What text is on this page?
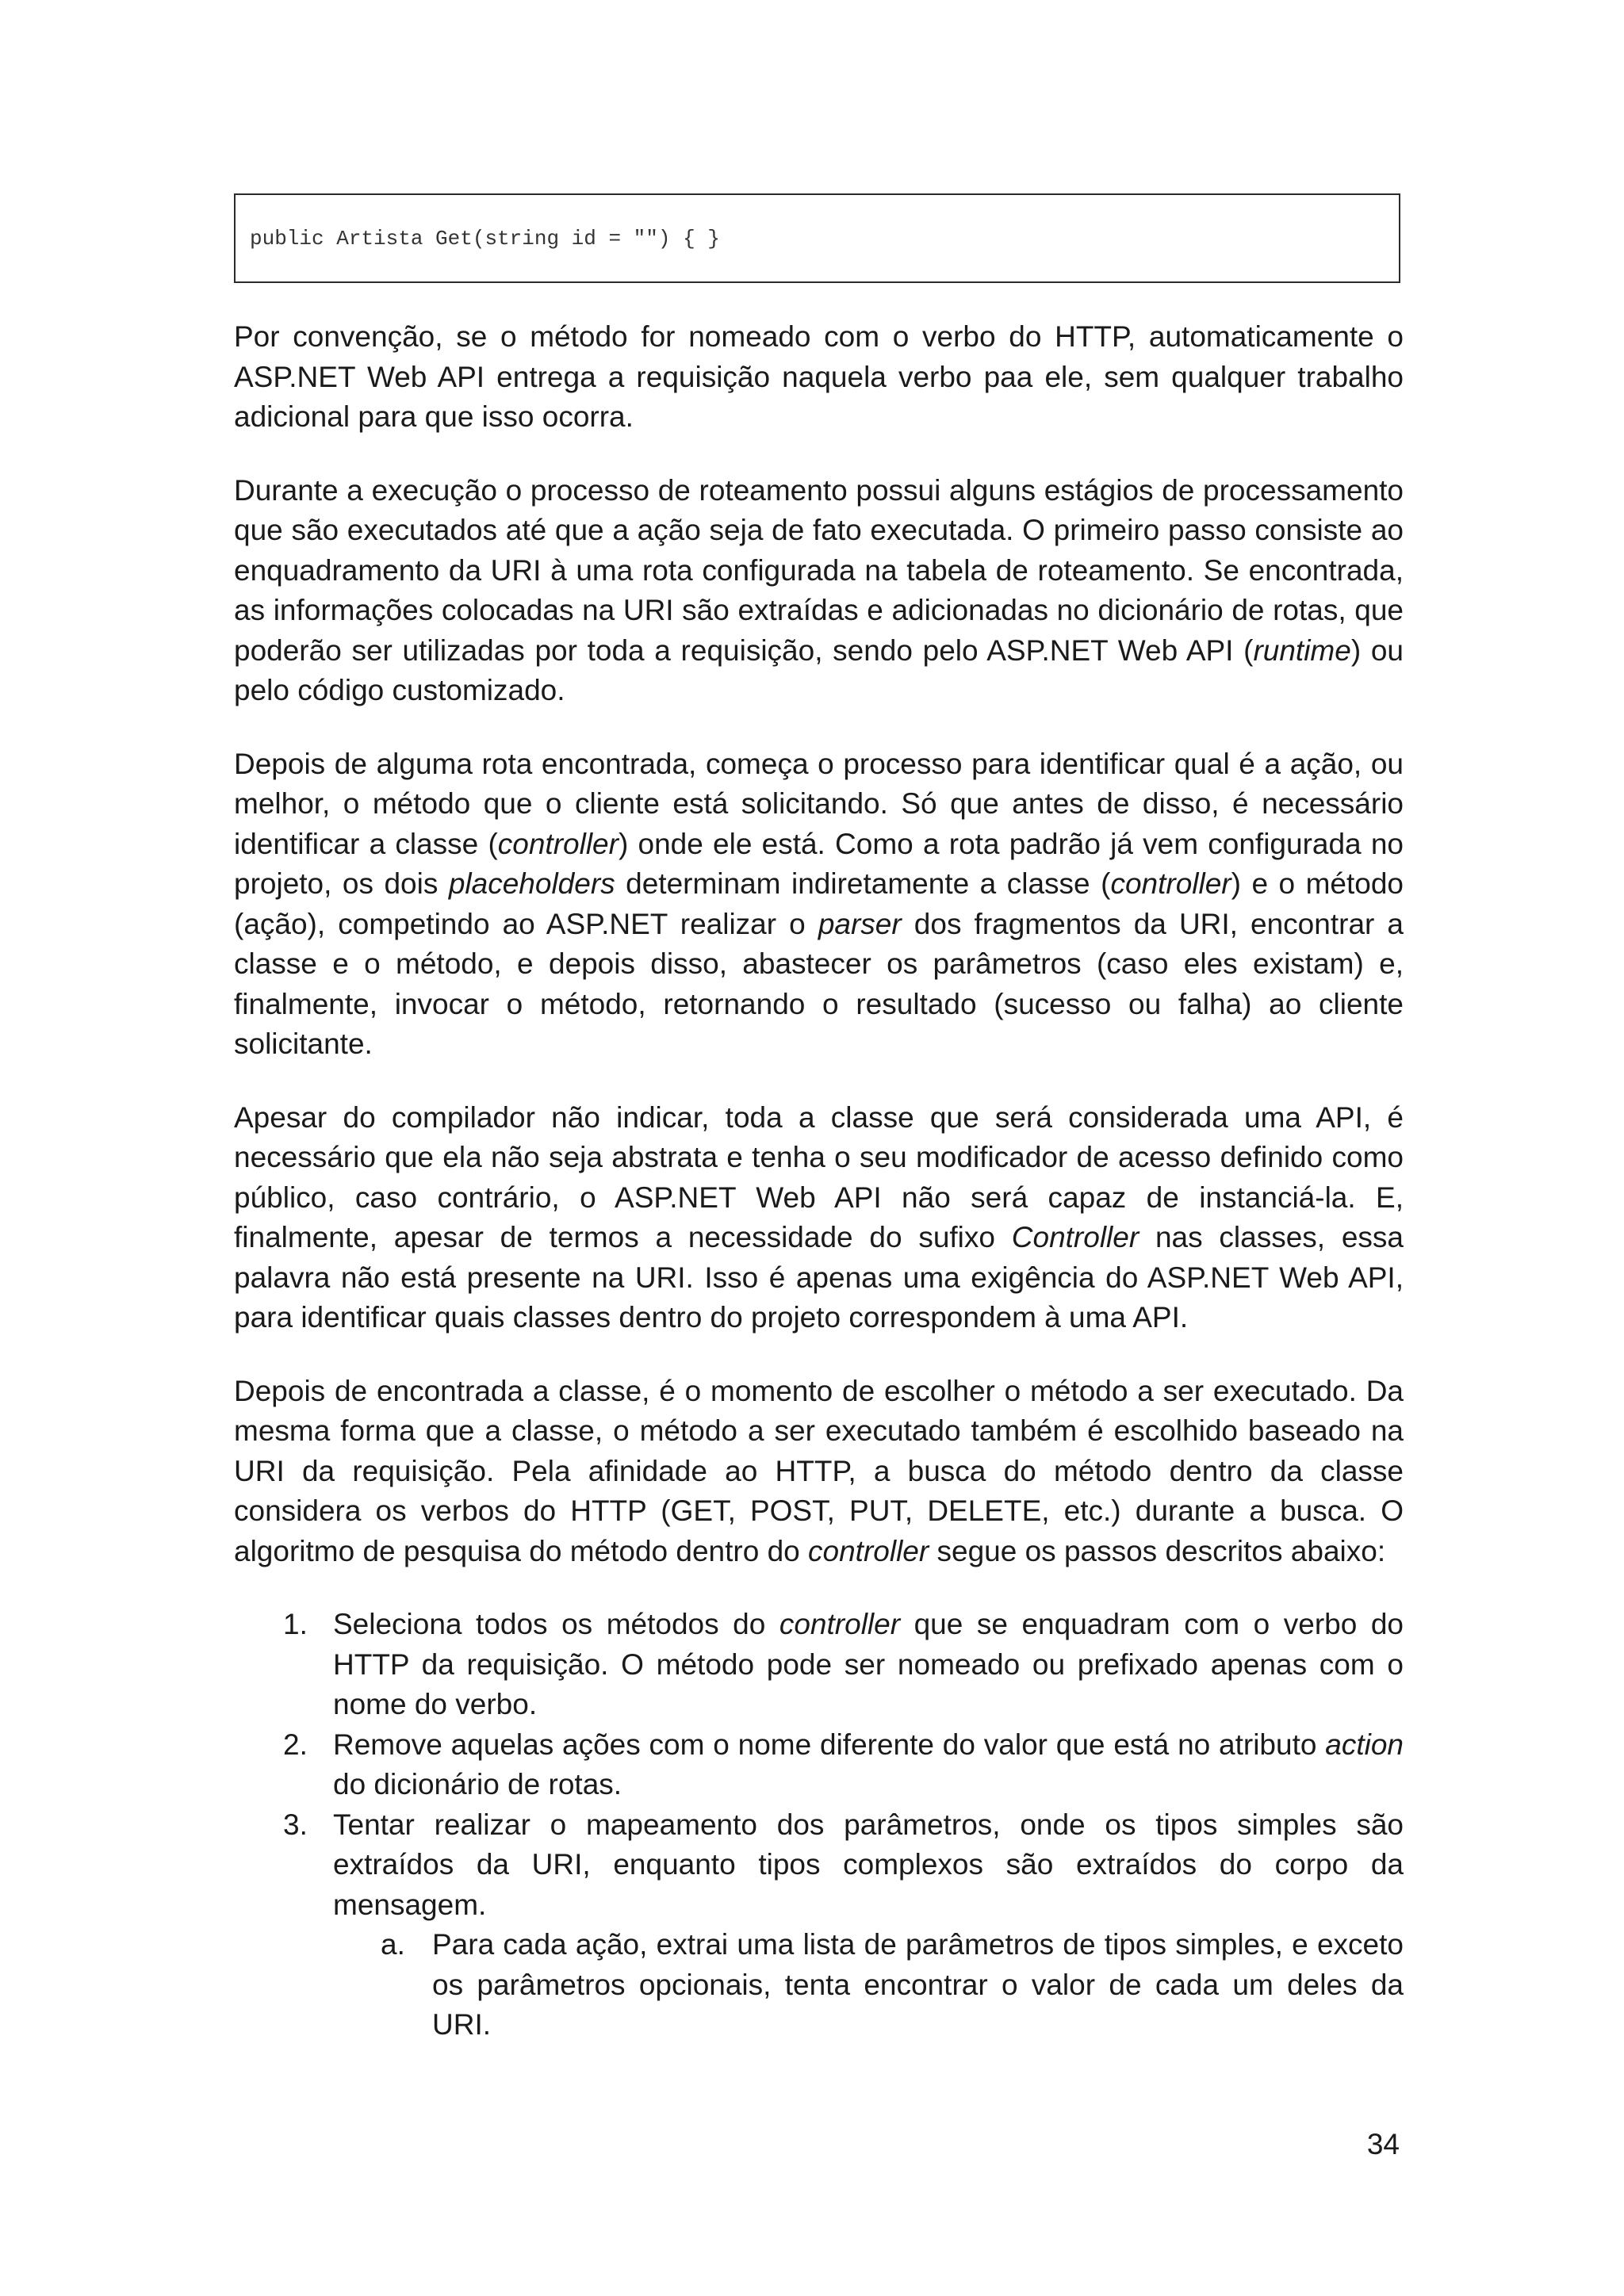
public Artista Get(string id = "") { }

Por convenção, se o método for nomeado com o verbo do HTTP, automaticamente o ASP.NET Web API entrega a requisição naquela verbo paa ele, sem qualquer trabalho adicional para que isso ocorra.

Durante a execução o processo de roteamento possui alguns estágios de processamento que são executados até que a ação seja de fato executada. O primeiro passo consiste ao enquadramento da URI à uma rota configurada na tabela de roteamento. Se encontrada, as informações colocadas na URI são extraídas e adicionadas no dicionário de rotas, que poderão ser utilizadas por toda a requisição, sendo pelo ASP.NET Web API (runtime) ou pelo código customizado.

Depois de alguma rota encontrada, começa o processo para identificar qual é a ação, ou melhor, o método que o cliente está solicitando. Só que antes de disso, é necessário identificar a classe (controller) onde ele está. Como a rota padrão já vem configurada no projeto, os dois placeholders determinam indiretamente a classe (controller) e o método (ação), competindo ao ASP.NET realizar o parser dos fragmentos da URI, encontrar a classe e o método, e depois disso, abastecer os parâmetros (caso eles existam) e, finalmente, invocar o método, retornando o resultado (sucesso ou falha) ao cliente solicitante.

Apesar do compilador não indicar, toda a classe que será considerada uma API, é necessário que ela não seja abstrata e tenha o seu modificador de acesso definido como público, caso contrário, o ASP.NET Web API não será capaz de instanciá-la. E, finalmente, apesar de termos a necessidade do sufixo Controller nas classes, essa palavra não está presente na URI. Isso é apenas uma exigência do ASP.NET Web API, para identificar quais classes dentro do projeto correspondem à uma API.

Depois de encontrada a classe, é o momento de escolher o método a ser executado. Da mesma forma que a classe, o método a ser executado também é escolhido baseado na URI da requisição. Pela afinidade ao HTTP, a busca do método dentro da classe considera os verbos do HTTP (GET, POST, PUT, DELETE, etc.) durante a busca. O algoritmo de pesquisa do método dentro do controller segue os passos descritos abaixo:

1. Seleciona todos os métodos do controller que se enquadram com o verbo do HTTP da requisição. O método pode ser nomeado ou prefixado apenas com o nome do verbo.
2. Remove aquelas ações com o nome diferente do valor que está no atributo action do dicionário de rotas.
3. Tentar realizar o mapeamento dos parâmetros, onde os tipos simples são extraídos da URI, enquanto tipos complexos são extraídos do corpo da mensagem.
a. Para cada ação, extrai uma lista de parâmetros de tipos simples, e exceto os parâmetros opcionais, tenta encontrar o valor de cada um deles da URI.
34
